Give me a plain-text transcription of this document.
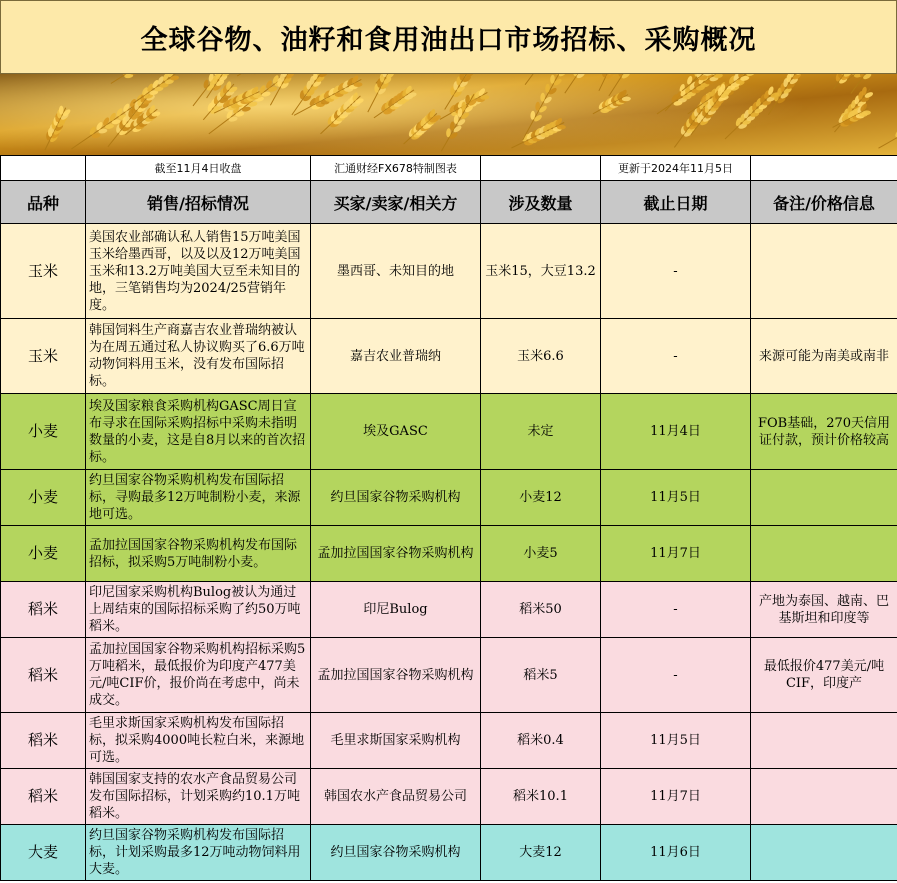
全球谷物、油籽和食用油出口市场招标、采购概况
	截至11月4日收盘	汇通财经FX678特制图表		更新于2024年11月5日	
品种	销售/招标情况	买家/卖家/相关方	涉及数量	截止日期	备注/价格信息
玉米	美国农业部确认私人销售15万吨美国玉米给墨西哥，以及以及12万吨美国玉米和13.2万吨美国大豆至未知目的地，三笔销售均为2024/25营销年度。	墨西哥、未知目的地	玉米15，大豆13.2	-	
玉米	韩国饲料生产商嘉吉农业普瑞纳被认为在周五通过私人协议购买了6.6万吨动物饲料用玉米，没有发布国际招标。	嘉吉农业普瑞纳	玉米6.6	-	来源可能为南美或南非
小麦	埃及国家粮食采购机构GASC周日宣布寻求在国际采购招标中采购未指明数量的小麦，这是自8月以来的首次招标。	埃及GASC	未定	11月4日	FOB基础，270天信用证付款，预计价格较高
小麦	约旦国家谷物采购机构发布国际招标，寻购最多12万吨制粉小麦，来源地可选。	约旦国家谷物采购机构	小麦12	11月5日	
小麦	孟加拉国国家谷物采购机构发布国际招标，拟采购5万吨制粉小麦。	孟加拉国国家谷物采购机构	小麦5	11月7日	
稻米	印尼国家采购机构Bulog被认为通过上周结束的国际招标采购了约50万吨稻米。	印尼Bulog	稻米50	-	产地为泰国、越南、巴基斯坦和印度等
稻米	孟加拉国国家谷物采购机构招标采购5万吨稻米，最低报价为印度产477美元/吨CIF价，报价尚在考虑中，尚未成交。	孟加拉国国家谷物采购机构	稻米5	-	最低报价477美元/吨CIF，印度产
稻米	毛里求斯国家采购机构发布国际招标，拟采购4000吨长粒白米，来源地可选。	毛里求斯国家采购机构	稻米0.4	11月5日	
稻米	韩国国家支持的农水产食品贸易公司发布国际招标，计划采购约10.1万吨稻米。	韩国农水产食品贸易公司	稻米10.1	11月7日	
大麦	约旦国家谷物采购机构发布国际招标，计划采购最多12万吨动物饲料用大麦。	约旦国家谷物采购机构	大麦12	11月6日	
